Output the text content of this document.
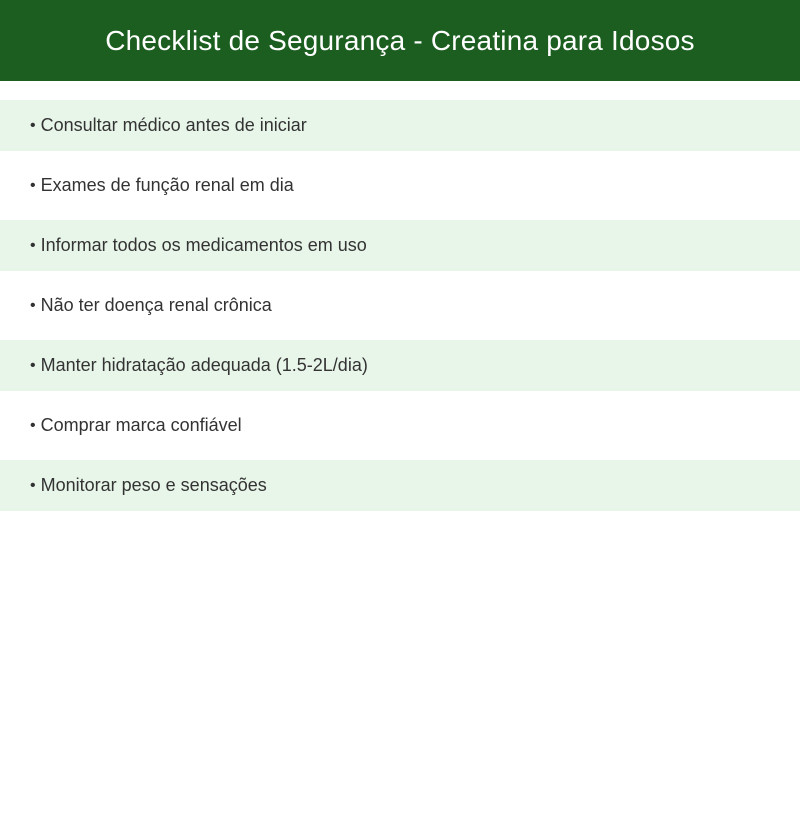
Checklist de Segurança - Creatina para Idosos
• Consultar médico antes de iniciar
• Exames de função renal em dia
• Informar todos os medicamentos em uso
• Não ter doença renal crônica
• Manter hidratação adequada (1.5-2L/dia)
• Comprar marca confiável
• Monitorar peso e sensações
